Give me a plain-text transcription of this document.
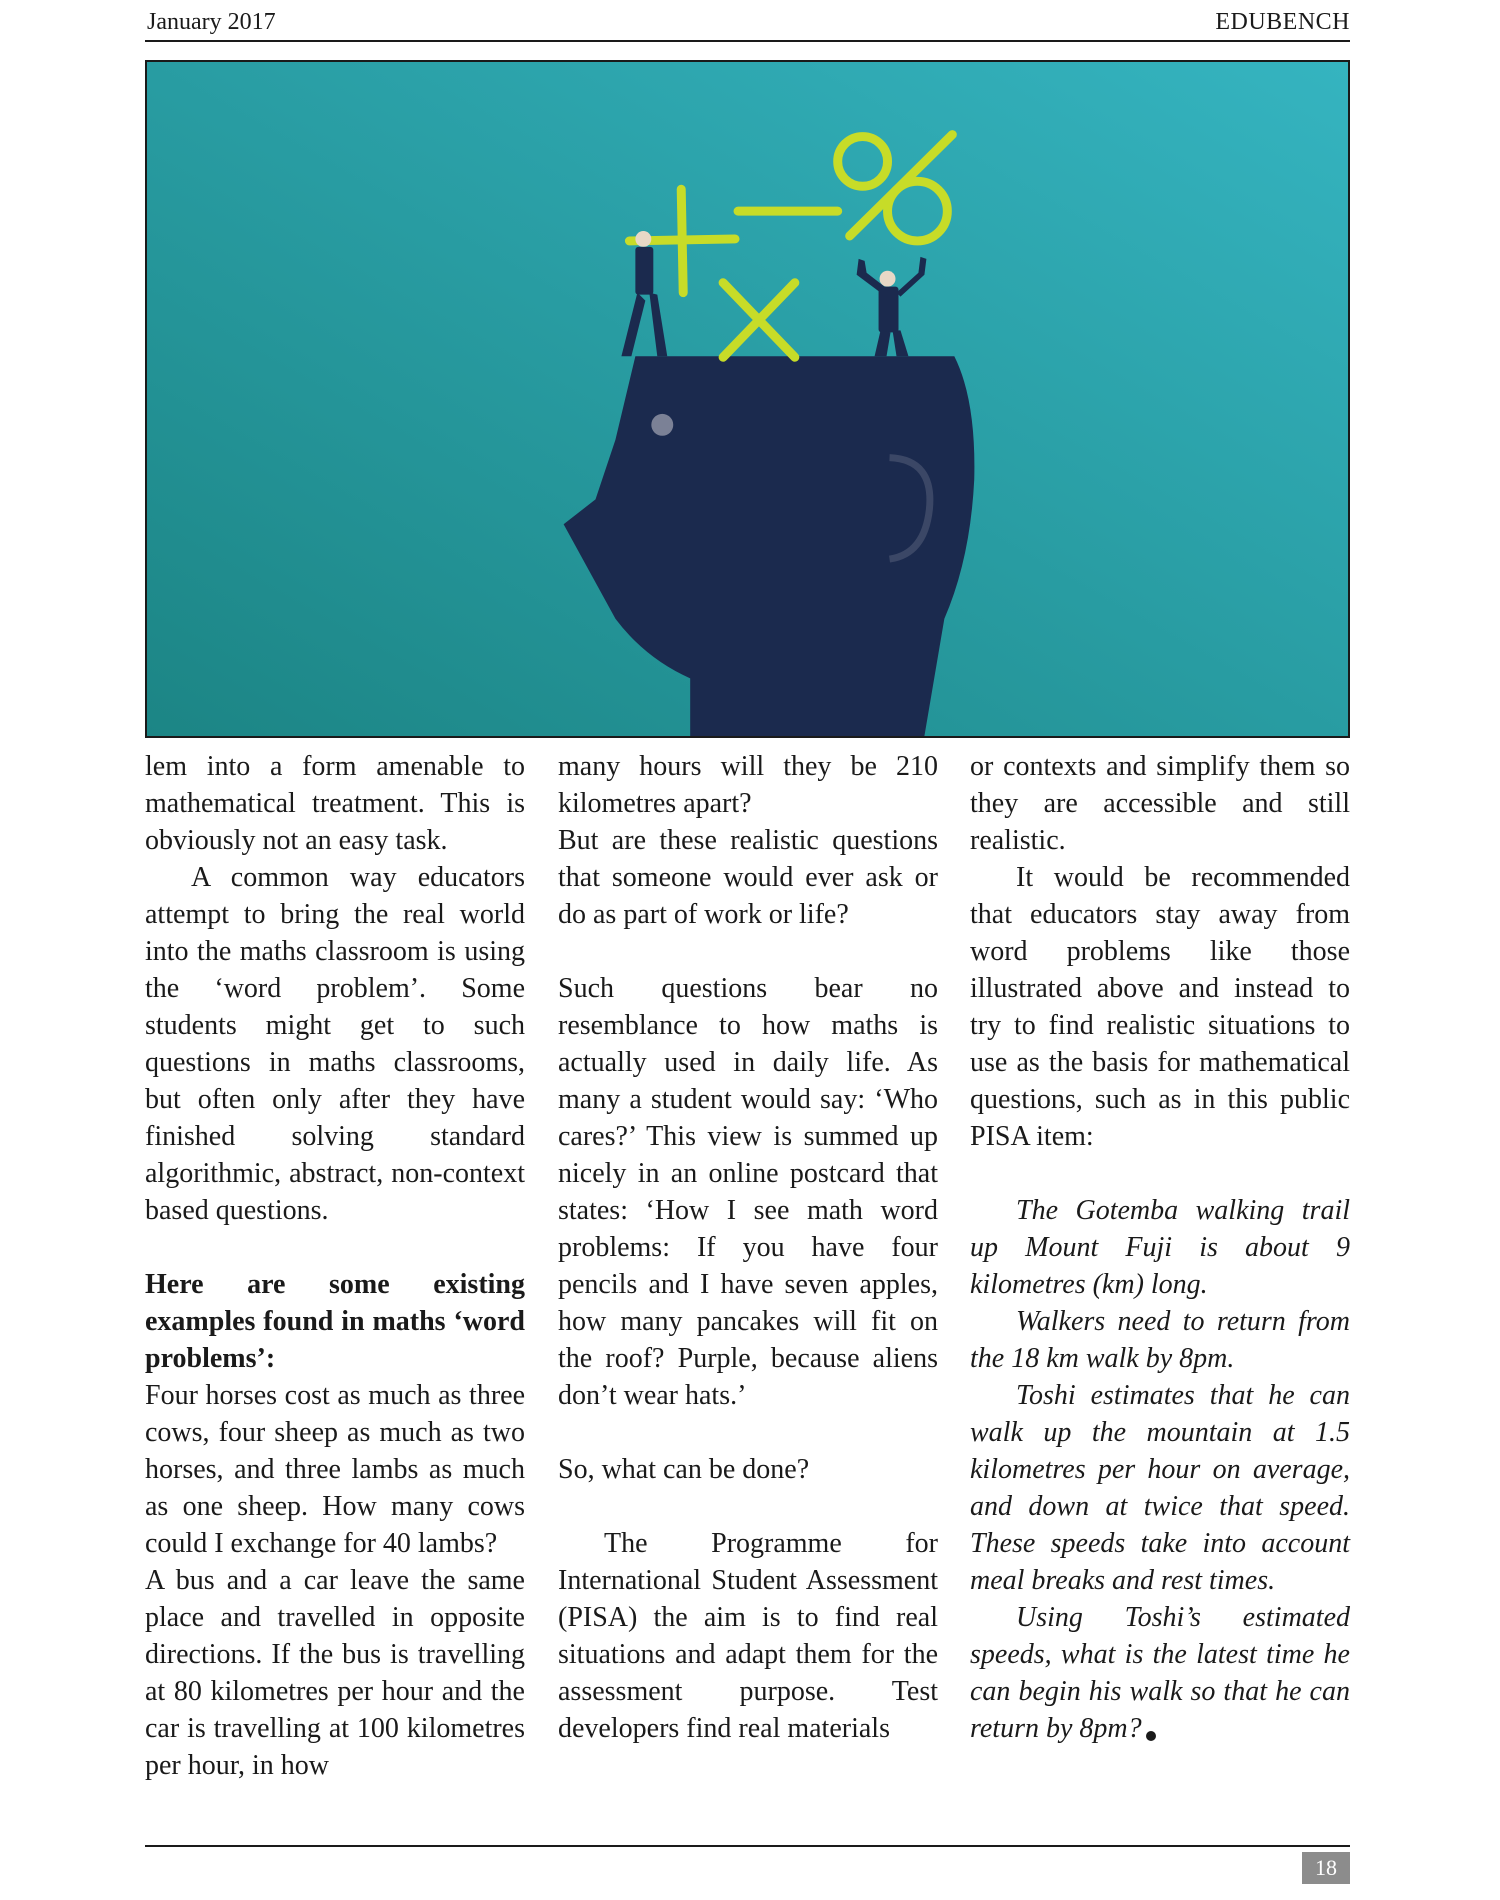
January 2017	EDUBENCH

lem into a form amenable to mathematical treatment. This is obviously not an easy task.

A common way educators attempt to bring the real world into the maths classroom is using the ‘word problem’. Some students might get to such questions in maths classrooms, but often only after they have finished solving standard algorithmic, abstract, non-context based questions.

Here are some existing examples found in maths ‘word problems’:

Four horses cost as much as three cows, four sheep as much as two horses, and three lambs as much as one sheep. How many cows could I exchange for 40 lambs?

A bus and a car leave the same place and travelled in opposite directions. If the bus is travelling at 80 kilometres per hour and the car is travelling at 100 kilometres per hour, in how

many hours will they be 210 kilometres apart?

But are these realistic questions that someone would ever ask or do as part of work or life?

Such questions bear no resemblance to how maths is actually used in daily life. As many a student would say: ‘Who cares?’ This view is summed up nicely in an online postcard that states: ‘How I see math word problems: If you have four pencils and I have seven apples, how many pancakes will fit on the roof? Purple, because aliens don’t wear hats.’

So, what can be done?

The Programme for International Student Assessment (PISA) the aim is to find real situations and adapt them for the assessment purpose. Test developers find real materials

or contexts and simplify them so they are accessible and still realistic.

It would be recommended that educators stay away from word problems like those illustrated above and instead to try to find realistic situations to use as the basis for mathematical questions, such as in this public PISA item:

The Gotemba walking trail up Mount Fuji is about 9 kilometres (km) long.

Walkers need to return from the 18 km walk by 8pm.

Toshi estimates that he can walk up the mountain at 1.5 kilometres per hour on average, and down at twice that speed. These speeds take into account meal breaks and rest times.

Using Toshi’s estimated speeds, what is the latest time he can begin his walk so that he can return by 8pm?

18
